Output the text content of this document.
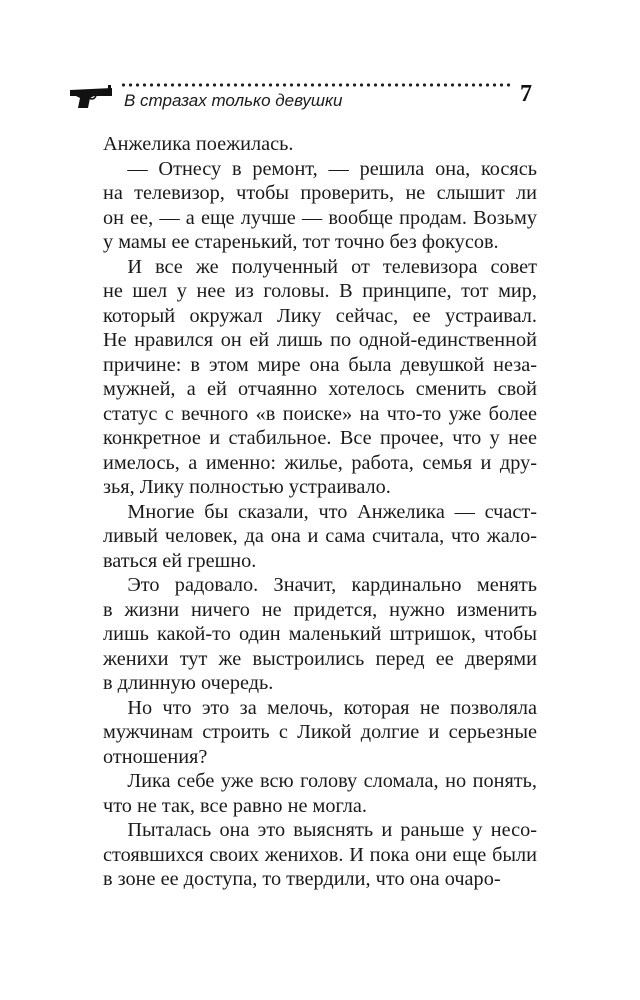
В стразах только девушки	7
Анжелика поежилась.
— Отнесу в ремонт, — решила она, косясь
на телевизор, чтобы проверить, не слышит ли
он ее, — а еще лучше — вообще продам. Возьму
у мамы ее старенький, тот точно без фокусов.
И все же полученный от телевизора совет
не шел у нее из головы. В принципе, тот мир,
который окружал Лику сейчас, ее устраивал.
Не нравился он ей лишь по одной-единственной
причине: в этом мире она была девушкой неза-
мужней, а ей отчаянно хотелось сменить свой
статус с вечного «в поиске» на что-то уже более
конкретное и стабильное. Все прочее, что у нее
имелось, а именно: жилье, работа, семья и дру-
зья, Лику полностью устраивало.
Многие бы сказали, что Анжелика — счаст-
ливый человек, да она и сама считала, что жало-
ваться ей грешно.
Это радовало. Значит, кардинально менять
в жизни ничего не придется, нужно изменить
лишь какой-то один маленький штришок, чтобы
женихи тут же выстроились перед ее дверями
в длинную очередь.
Но что это за мелочь, которая не позволяла
мужчинам строить с Ликой долгие и серьезные
отношения?
Лика себе уже всю голову сломала, но понять,
что не так, все равно не могла.
Пыталась она это выяснять и раньше у несо-
стоявшихся своих женихов. И пока они еще были
в зоне ее доступа, то твердили, что она очаро-
